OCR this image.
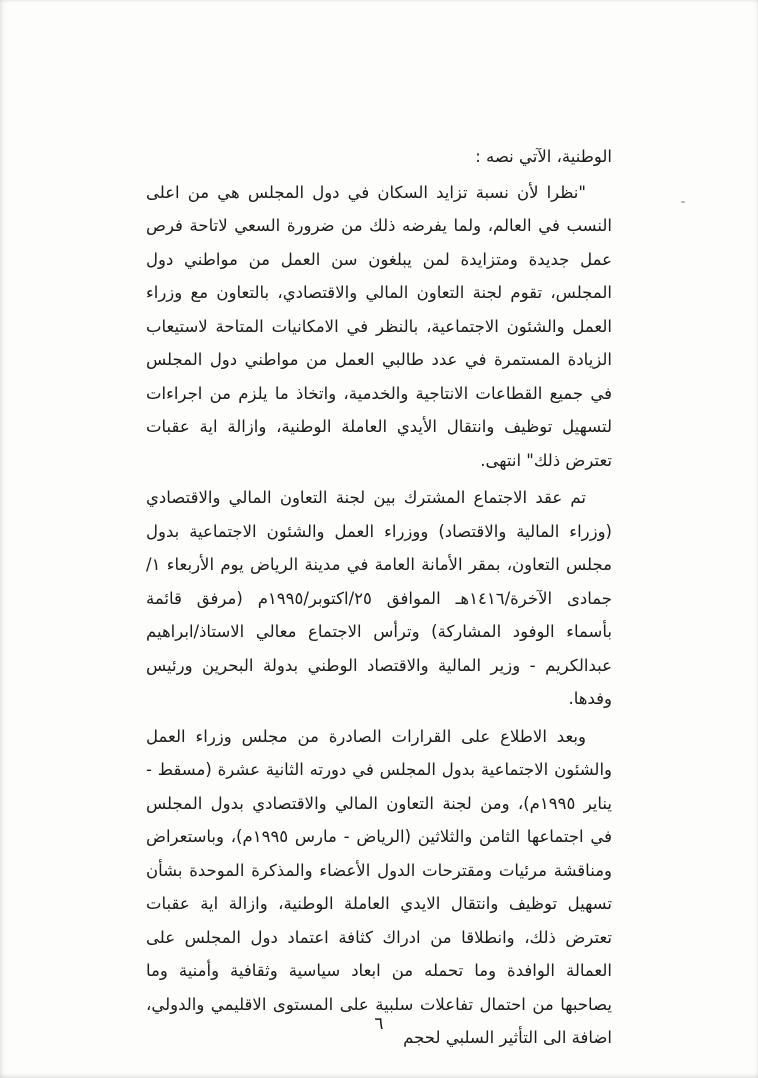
الوطنية، الآتي نصه :

"نظرا لأن نسبة تزايد السكان في دول المجلس هي من اعلى النسب في العالم، ولما يفرضه ذلك من ضرورة السعي لاتاحة فرص عمل جديدة ومتزايدة لمن يبلغون سن العمل من مواطني دول المجلس، تقوم لجنة التعاون المالي والاقتصادي، بالتعاون مع وزراء العمل والشئون الاجتماعية، بالنظر في الامكانيات المتاحة لاستيعاب الزيادة المستمرة في عدد طالبي العمل من مواطني دول المجلس في جميع القطاعات الانتاجية والخدمية، واتخاذ ما يلزم من اجراءات لتسهيل توظيف وانتقال الأيدي العاملة الوطنية، وازالة اية عقبات تعترض ذلك" انتهى.

تم عقد الاجتماع المشترك بين لجنة التعاون المالي والاقتصادي (وزراء المالية والاقتصاد) ووزراء العمل والشئون الاجتماعية بدول مجلس التعاون، بمقر الأمانة العامة في مدينة الرياض يوم الأربعاء ١/جمادى الآخرة/١٤١٦هـ الموافق ٢٥/اكتوبر/١٩٩٥م (مرفق قائمة بأسماء الوفود المشاركة) وترأس الاجتماع معالي الاستاذ/ابراهيم عبدالكريم - وزير المالية والاقتصاد الوطني بدولة البحرين ورئيس وفدها.

وبعد الاطلاع على القرارات الصادرة من مجلس وزراء العمل والشئون الاجتماعية بدول المجلس في دورته الثانية عشرة (مسقط - يناير ١٩٩٥م)، ومن لجنة التعاون المالي والاقتصادي بدول المجلس في اجتماعها الثامن والثلاثين (الرياض - مارس ١٩٩٥م)، وباستعراض ومناقشة مرئيات ومقترحات الدول الأعضاء والمذكرة الموحدة بشأن تسهيل توظيف وانتقال الايدي العاملة الوطنية، وازالة اية عقبات تعترض ذلك، وانطلاقا من ادراك كثافة اعتماد دول المجلس على العمالة الوافدة وما تحمله من ابعاد سياسية وثقافية وأمنية وما يصاحبها من احتمال تفاعلات سلبية على المستوى الاقليمي والدولي، اضافة الى التأثير السلبي لحجم

٦
